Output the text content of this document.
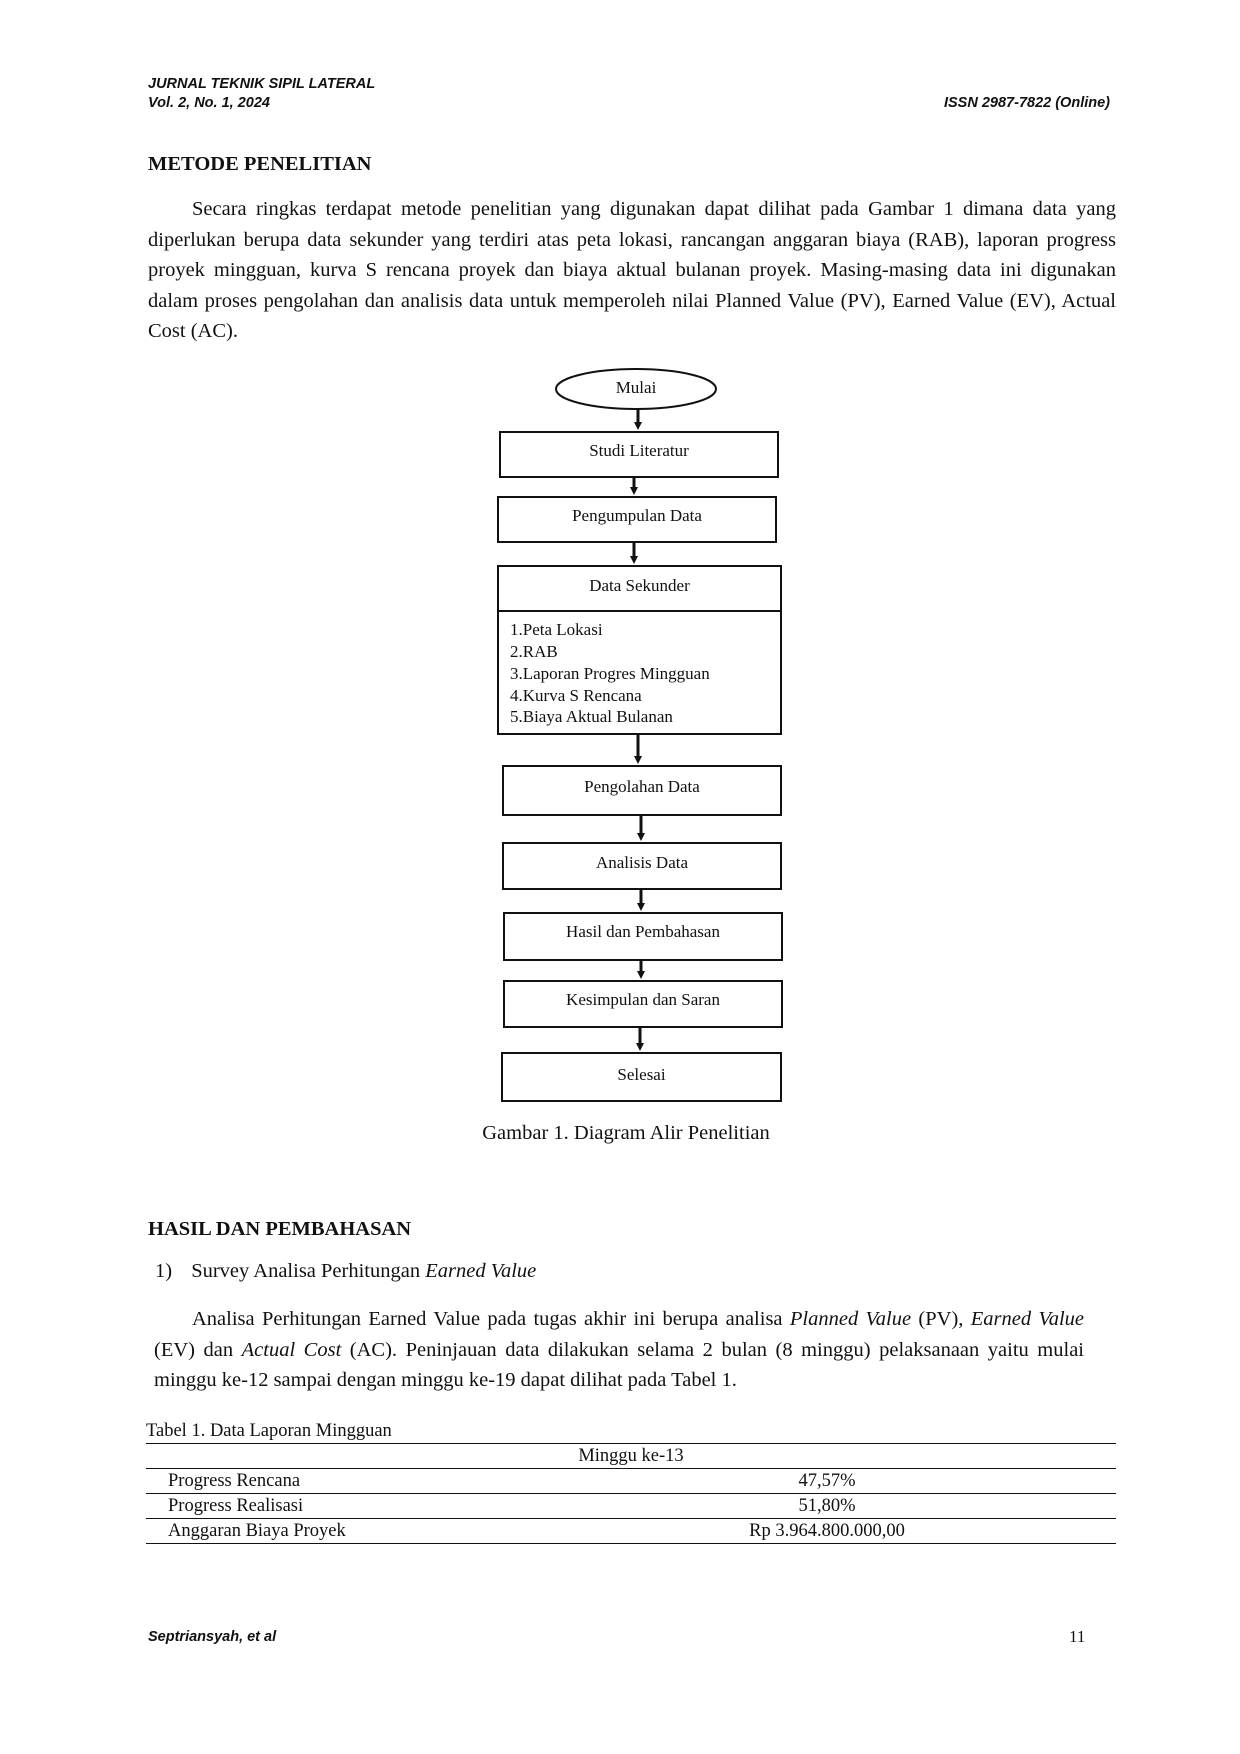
JURNAL TEKNIK SIPIL LATERAL
Vol. 2, No. 1, 2024	ISSN 2987-7822 (Online)
METODE PENELITIAN
Secara ringkas terdapat metode penelitian yang digunakan dapat dilihat pada Gambar 1 dimana data yang diperlukan berupa data sekunder yang terdiri atas peta lokasi, rancangan anggaran biaya (RAB), laporan progress proyek mingguan, kurva S rencana proyek dan biaya aktual bulanan proyek. Masing-masing data ini digunakan dalam proses pengolahan dan analisis data untuk memperoleh nilai Planned Value (PV), Earned Value (EV), Actual Cost (AC).
Mulai
Studi Literatur
Pengumpulan Data
Data Sekunder
1.Peta Lokasi
2.RAB
3.Laporan Progres Mingguan
4.Kurva S Rencana
5.Biaya Aktual Bulanan
Pengolahan Data
Analisis Data
Hasil dan Pembahasan
Kesimpulan dan Saran
Selesai
Gambar 1. Diagram Alir Penelitian
HASIL DAN PEMBAHASAN
1) Survey Analisa Perhitungan Earned Value
Analisa Perhitungan Earned Value pada tugas akhir ini berupa analisa Planned Value (PV), Earned Value (EV) dan Actual Cost (AC). Peninjauan data dilakukan selama 2 bulan (8 minggu) pelaksanaan yaitu mulai minggu ke-12 sampai dengan minggu ke-19 dapat dilihat pada Tabel 1.
Tabel 1. Data Laporan Mingguan
Minggu ke-13	
Progress Rencana	47,57%
Progress Realisasi	51,80%
Anggaran Biaya Proyek	Rp 3.964.800.000,00
Septriansyah, et al	11
